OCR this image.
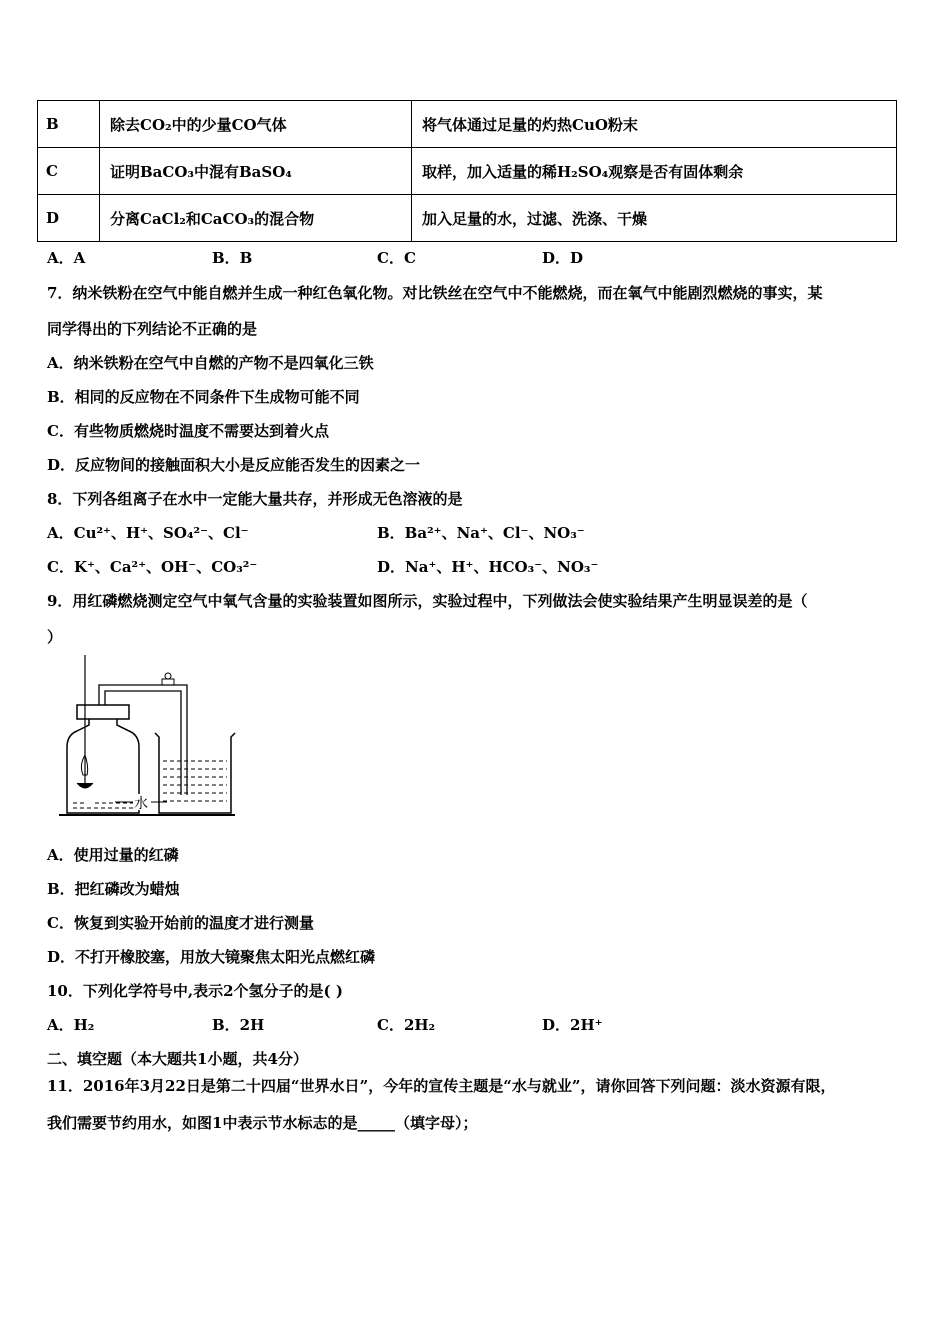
B	除去CO₂中的少量CO气体	将气体通过足量的灼热CuO粉末
C	证明BaCO₃中混有BaSO₄	取样，加入适量的稀H₂SO₄观察是否有固体剩余
D	分离CaCl₂和CaCO₃的混合物	加入足量的水，过滤、洗涤、干燥
A．A	B．B	C．C	D．D
7．纳米铁粉在空气中能自燃并生成一种红色氧化物。对比铁丝在空气中不能燃烧，而在氧气中能剧烈燃烧的事实，某
同学得出的下列结论不正确的是
A．纳米铁粉在空气中自燃的产物不是四氧化三铁
B．相同的反应物在不同条件下生成物可能不同
C．有些物质燃烧时温度不需要达到着火点
D．反应物间的接触面积大小是反应能否发生的因素之一
8．下列各组离子在水中一定能大量共存，并形成无色溶液的是
A．Cu²⁺、H⁺、SO₄²⁻、Cl⁻	B．Ba²⁺、Na⁺、Cl⁻、NO₃⁻
C．K⁺、Ca²⁺、OH⁻、CO₃²⁻	D．Na⁺、H⁺、HCO₃⁻、NO₃⁻
9．用红磷燃烧测定空气中氧气含量的实验装置如图所示，实验过程中，下列做法会使实验结果产生明显误差的是（
）
水
A．使用过量的红磷
B．把红磷改为蜡烛
C．恢复到实验开始前的温度才进行测量
D．不打开橡胶塞，用放大镜聚焦太阳光点燃红磷
10．下列化学符号中,表示2个氢分子的是( )
A．H₂	B．2H	C．2H₂	D．2H⁺
二、填空题（本大题共1小题，共4分）
11．2016年3月22日是第二十四届“世界水日”，今年的宣传主题是“水与就业”，请你回答下列问题：淡水资源有限，
我们需要节约用水，如图1中表示节水标志的是_____（填字母）；
